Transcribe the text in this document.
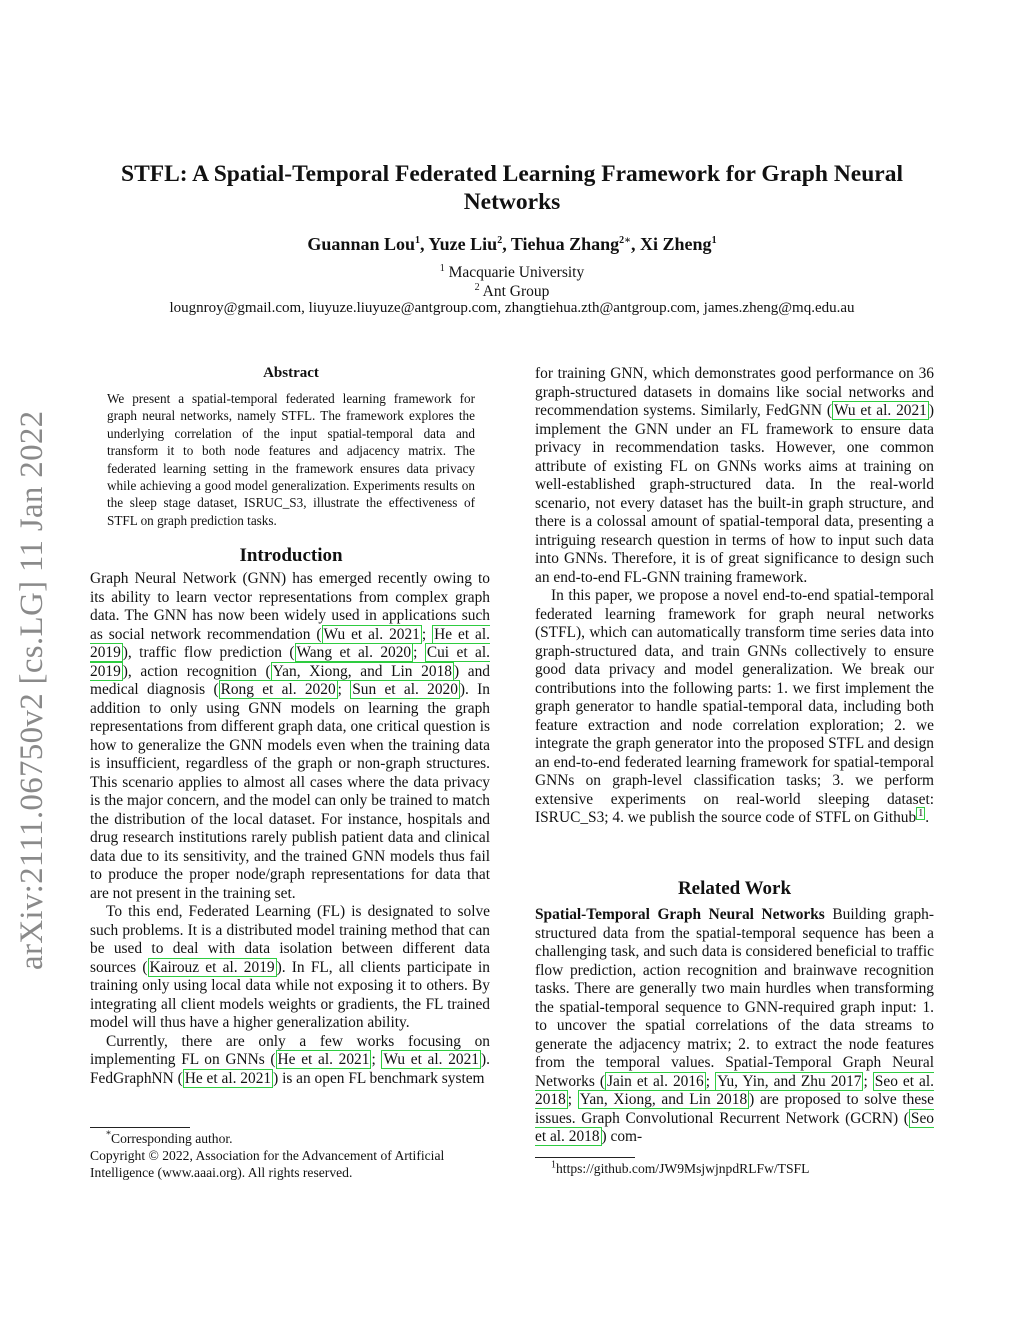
arXiv:2111.06750v2 [cs.LG] 11 Jan 2022
STFL: A Spatial-Temporal Federated Learning Framework for Graph Neural Networks
Guannan Lou$^1$, Yuze Liu$^2$, Tiehua Zhang$^{2∗}$, Xi Zheng$^1$
$^1$ Macquarie University
$^2$ Ant Group
lougnroy@gmail.com, liuyuze.liuyuze@antgroup.com, zhangtiehua.zth@antgroup.com, james.zheng@mq.edu.au
Abstract
We present a spatial-temporal federated learning framework for graph neural networks, namely STFL. The framework explores the underlying correlation of the input spatial-temporal data and transform it to both node features and adjacency matrix. The federated learning setting in the framework ensures data privacy while achieving a good model generalization. Experiments results on the sleep stage dataset, ISRUC_S3, illustrate the effectiveness of STFL on graph prediction tasks.
Introduction

Graph Neural Network (GNN) has emerged recently owing to its ability to learn vector representations from complex graph data. The GNN has now been widely used in applications such as social network recommendation ( Wu et al. 2021 ; He et al. 2019 ), traffic flow prediction ( Wang et al. 2020 ; Cui et al. 2019 ), action recognition ( Yan, Xiong, and Lin 2018 ) and medical diagnosis ( Rong et al. 2020 ; Sun et al. 2020 ). In addition to only using GNN models on learning the graph representations from different graph data, one critical question is how to generalize the GNN models even when the training data is insufficient, regardless of the graph or non-graph structures. This scenario applies to almost all cases where the data privacy is the major concern, and the model can only be trained to match the distribution of the local dataset. For instance, hospitals and drug research institutions rarely publish patient data and clinical data due to its sensitivity, and the trained GNN models thus fail to produce the proper node/graph representations for data that are not present in the training set.

To this end, Federated Learning (FL) is designated to solve such problems. It is a distributed model training method that can be used to deal with data isolation between different data sources ( Kairouz et al. 2019 ). In FL, all clients participate in training only using local data while not exposing it to others. By integrating all client models weights or gradients, the FL trained model will thus have a higher generalization ability.

Currently, there are only a few works focusing on implementing FL on GNNs ( He et al. 2021 ; Wu et al. 2021 ). FedGraphNN ( He et al. 2021 ) is an open FL benchmark system

*Corresponding author.
Copyright © 2022, Association for the Advancement of Artificial Intelligence (www.aaai.org). All rights reserved.

for training GNN, which demonstrates good performance on 36 graph-structured datasets in domains like social networks and recommendation systems. Similarly, FedGNN ( Wu et al. 2021 ) implement the GNN under an FL framework to ensure data privacy in recommendation tasks. However, one common attribute of existing FL on GNNs works aims at training on well-established graph-structured data. In the real-world scenario, not every dataset has the built-in graph structure, and there is a colossal amount of spatial-temporal data, presenting a intriguing research question in terms of how to input such data into GNNs. Therefore, it is of great significance to design such an end-to-end FL-GNN training framework.

In this paper, we propose a novel end-to-end spatial-temporal federated learning framework for graph neural networks (STFL), which can automatically transform time series data into graph-structured data, and train GNNs collectively to ensure good data privacy and model generalization. We break our contributions into the following parts: 1. we first implement the graph generator to handle spatial-temporal data, including both feature extraction and node correlation exploration; 2. we integrate the graph generator into the proposed STFL and design an end-to-end federated learning framework for spatial-temporal GNNs on graph-level classification tasks; 3. we perform extensive experiments on real-world sleeping dataset: ISRUC_S3; 4. we publish the source code of STFL on Github $^1$ .

Related Work

Spatial-Temporal Graph Neural Networks Building graph-structured data from the spatial-temporal sequence has been a challenging task, and such data is considered beneficial to traffic flow prediction, action recognition and brainwave recognition tasks. There are generally two main hurdles when transforming the spatial-temporal sequence to GNN-required graph input: 1. to uncover the spatial correlations of the data streams to generate the adjacency matrix; 2. to extract the node features from the temporal values. Spatial-Temporal Graph Neural Networks ( Jain et al. 2016 ; Yu, Yin, and Zhu 2017 ; Seo et al. 2018 ; Yan, Xiong, and Lin 2018 ) are proposed to solve these issues. Graph Convolutional Recurrent Network (GCRN) ( Seo et al. 2018 ) com-

$^1$https://github.com/JW9MsjwjnpdRLFw/TSFL
